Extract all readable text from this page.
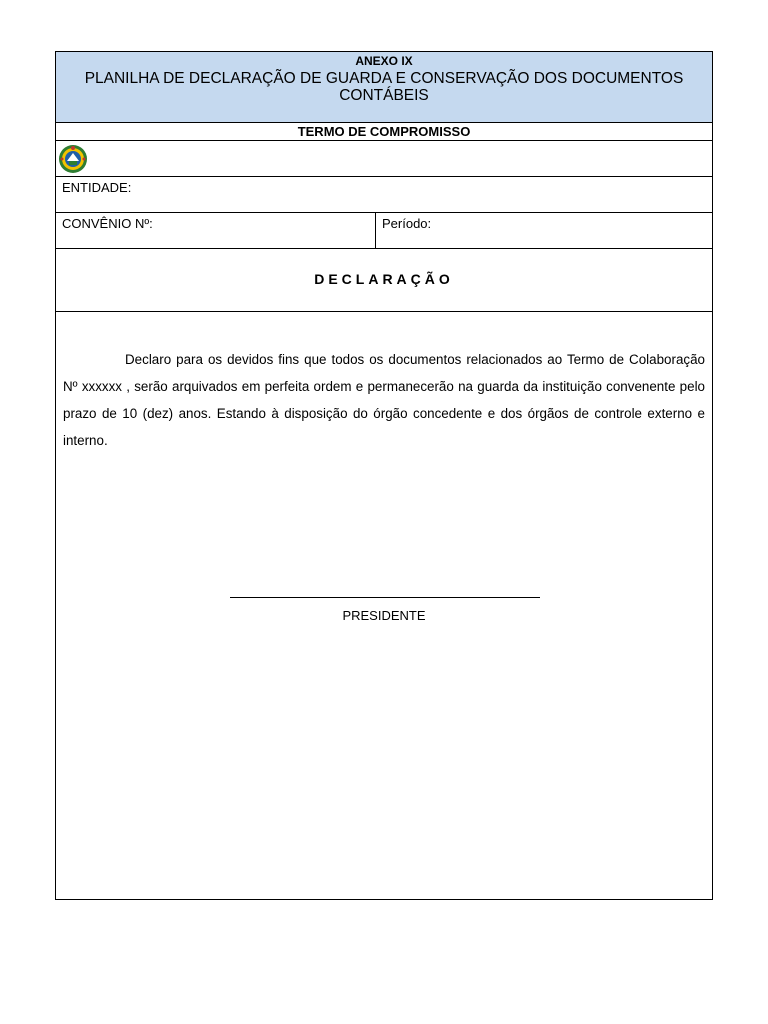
ANEXO IX
PLANILHA DE DECLARAÇÃO DE GUARDA E CONSERVAÇÃO DOS DOCUMENTOS CONTÁBEIS
TERMO DE COMPROMISSO
ENTIDADE:
CONVÊNIO Nº:	Período:
DECLARAÇÃO
Declaro para os devidos fins que todos os documentos relacionados ao Termo de Colaboração Nº xxxxxx , serão arquivados em perfeita ordem e permanecerão na guarda da instituição convenente pelo prazo de 10 (dez) anos. Estando à disposição do órgão concedente e dos órgãos de controle externo e interno.
PRESIDENTE
